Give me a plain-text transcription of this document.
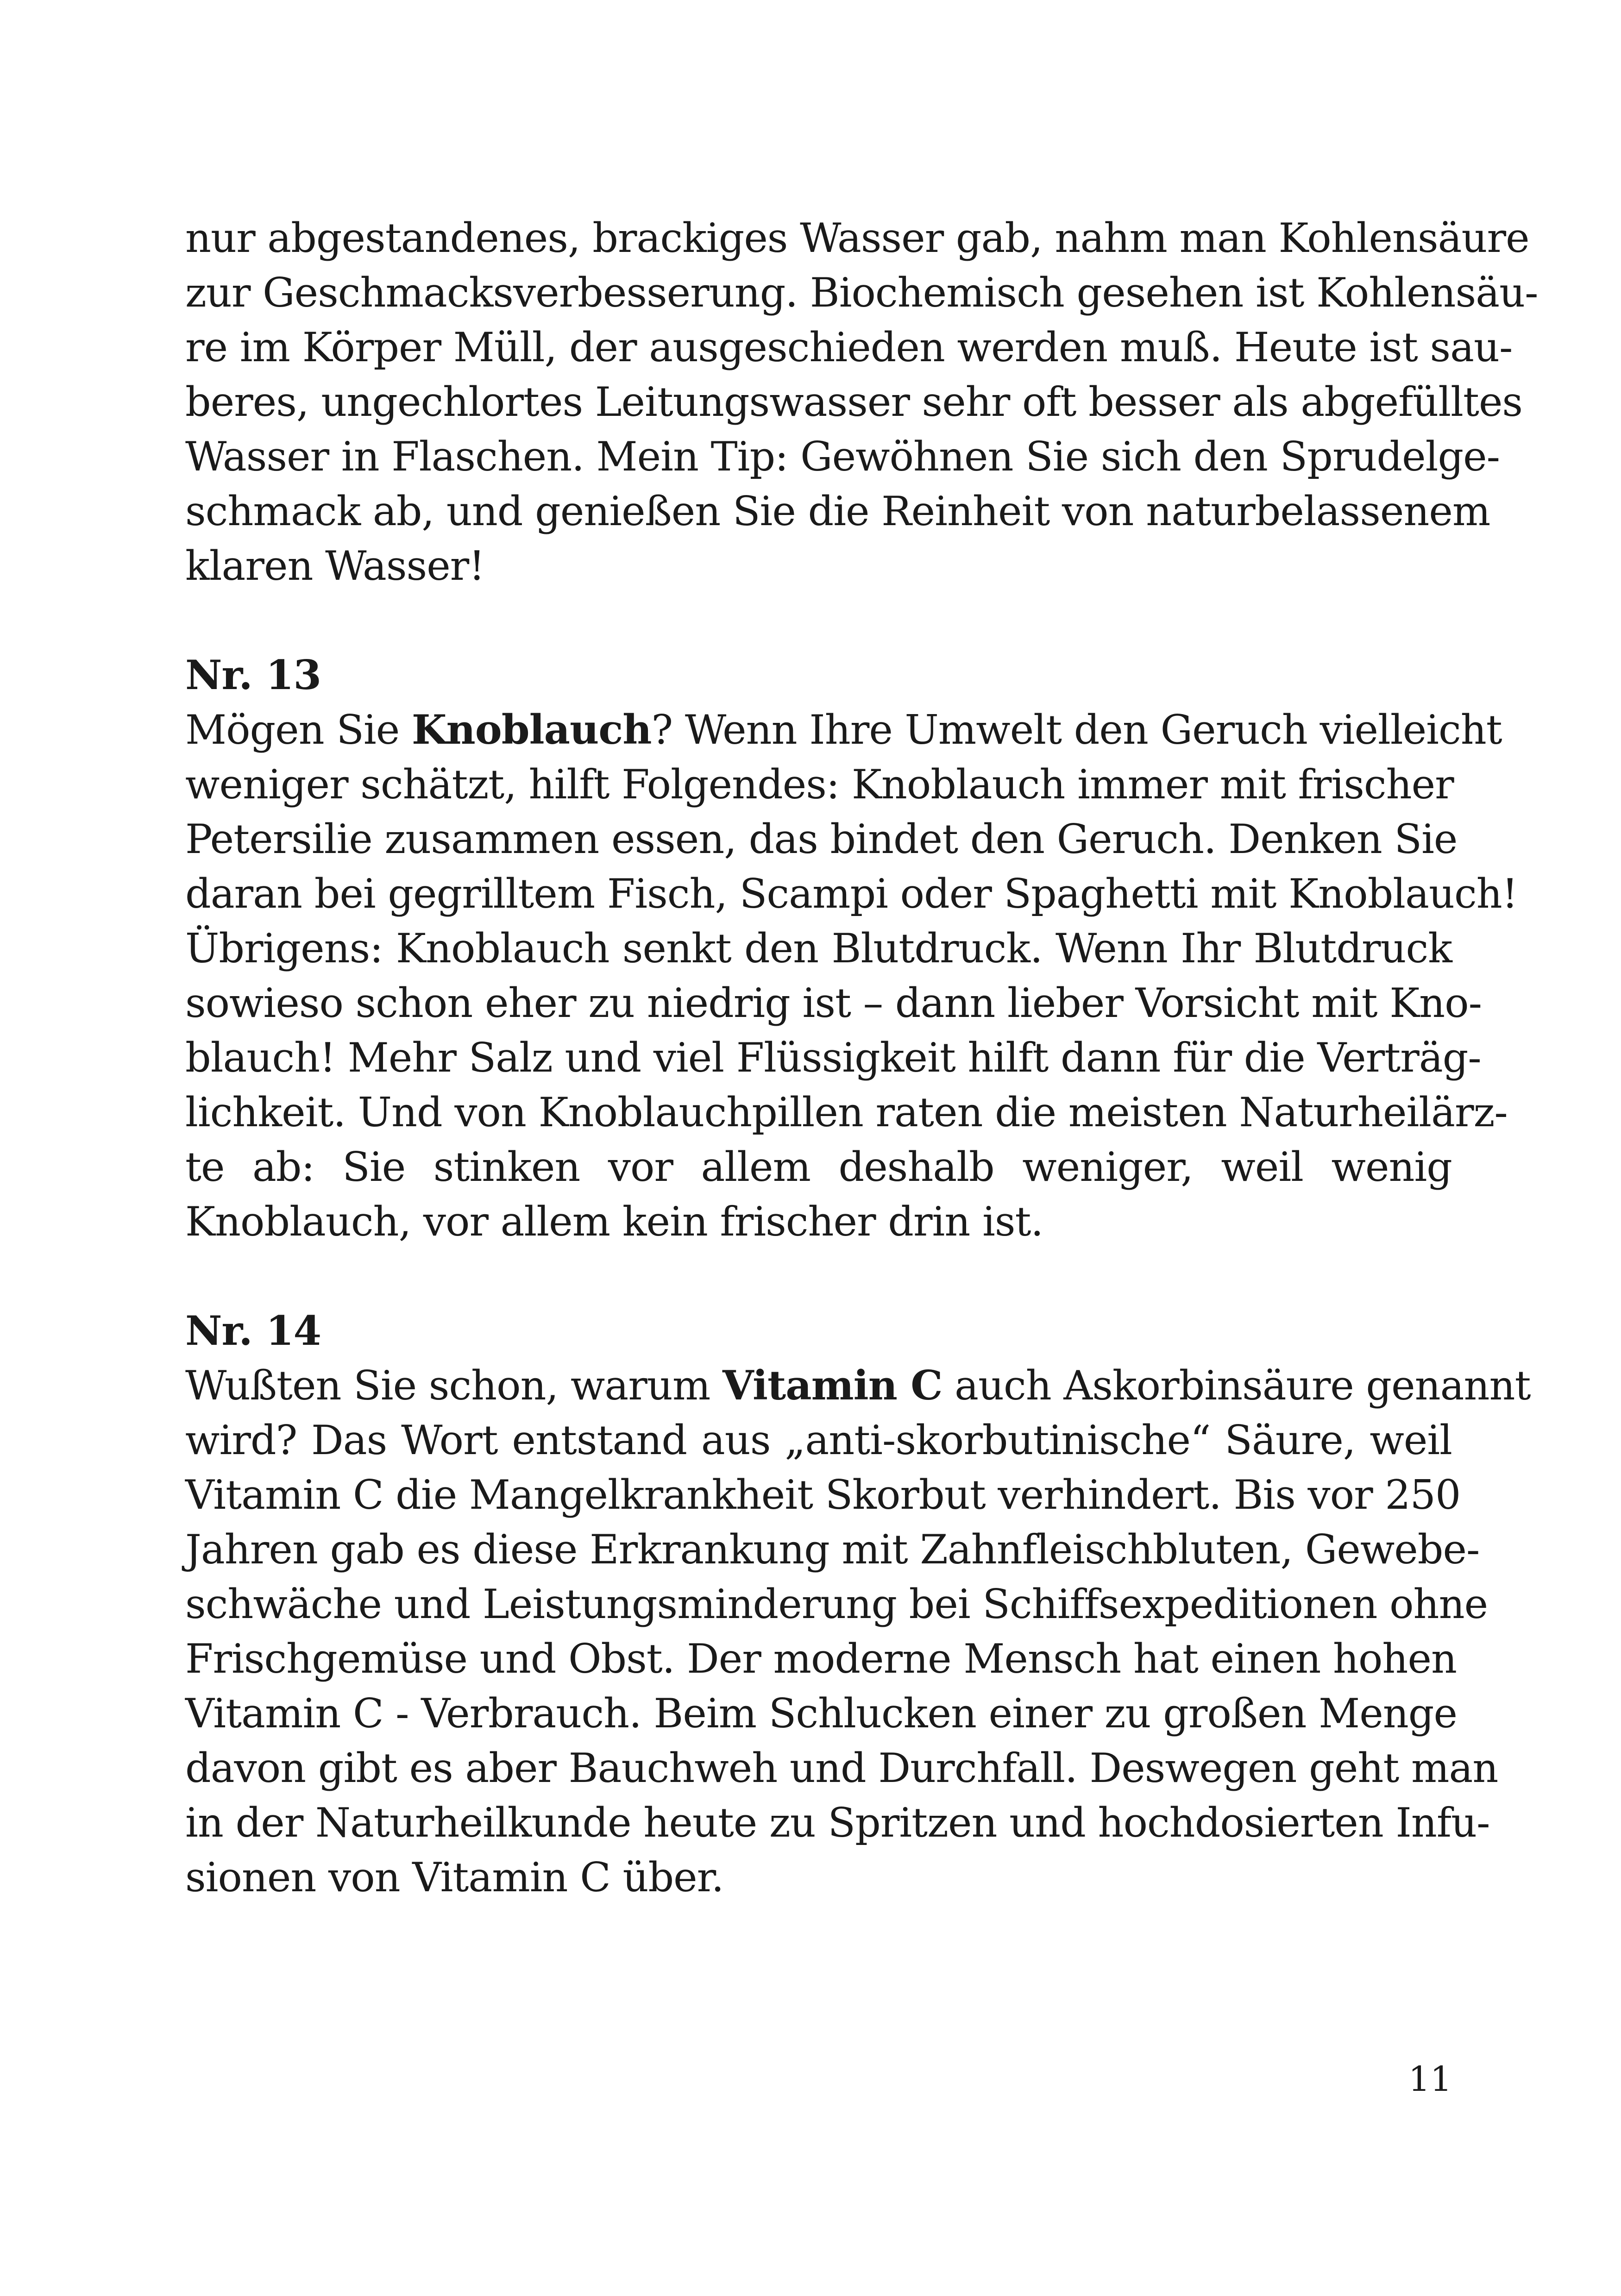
nur abgestandenes, brackiges Wasser gab, nahm man Kohlensäure
zur Geschmacksverbesserung. Biochemisch gesehen ist Kohlensäu-
re im Körper Müll, der ausgeschieden werden muß. Heute ist sau-
beres, ungechlortes Leitungswasser sehr oft besser als abgefülltes
Wasser in Flaschen. Mein Tip: Gewöhnen Sie sich den Sprudelge-
schmack ab, und genießen Sie die Reinheit von naturbelassenem
klaren Wasser!
Nr. 13
Mögen Sie Knoblauch? Wenn Ihre Umwelt den Geruch vielleicht
weniger schätzt, hilft Folgendes: Knoblauch immer mit frischer
Petersilie zusammen essen, das bindet den Geruch. Denken Sie
daran bei gegrilltem Fisch, Scampi oder Spaghetti mit Knoblauch!
Übrigens: Knoblauch senkt den Blutdruck. Wenn Ihr Blutdruck
sowieso schon eher zu niedrig ist – dann lieber Vorsicht mit Kno-
blauch! Mehr Salz und viel Flüssigkeit hilft dann für die Verträg-
lichkeit. Und von Knoblauchpillen raten die meisten Naturheilärz-
te ab: Sie stinken vor allem deshalb weniger, weil wenig
Knoblauch, vor allem kein frischer drin ist.
Nr. 14
Wußten Sie schon, warum Vitamin C auch Askorbinsäure genannt
wird? Das Wort entstand aus „anti-skorbutinische“ Säure, weil
Vitamin C die Mangelkrankheit Skorbut verhindert. Bis vor 250
Jahren gab es diese Erkrankung mit Zahnfleischbluten, Gewebe-
schwäche und Leistungsminderung bei Schiffsexpeditionen ohne
Frischgemüse und Obst. Der moderne Mensch hat einen hohen
Vitamin C - Verbrauch. Beim Schlucken einer zu großen Menge
davon gibt es aber Bauchweh und Durchfall. Deswegen geht man
in der Naturheilkunde heute zu Spritzen und hochdosierten Infu-
sionen von Vitamin C über.
11
